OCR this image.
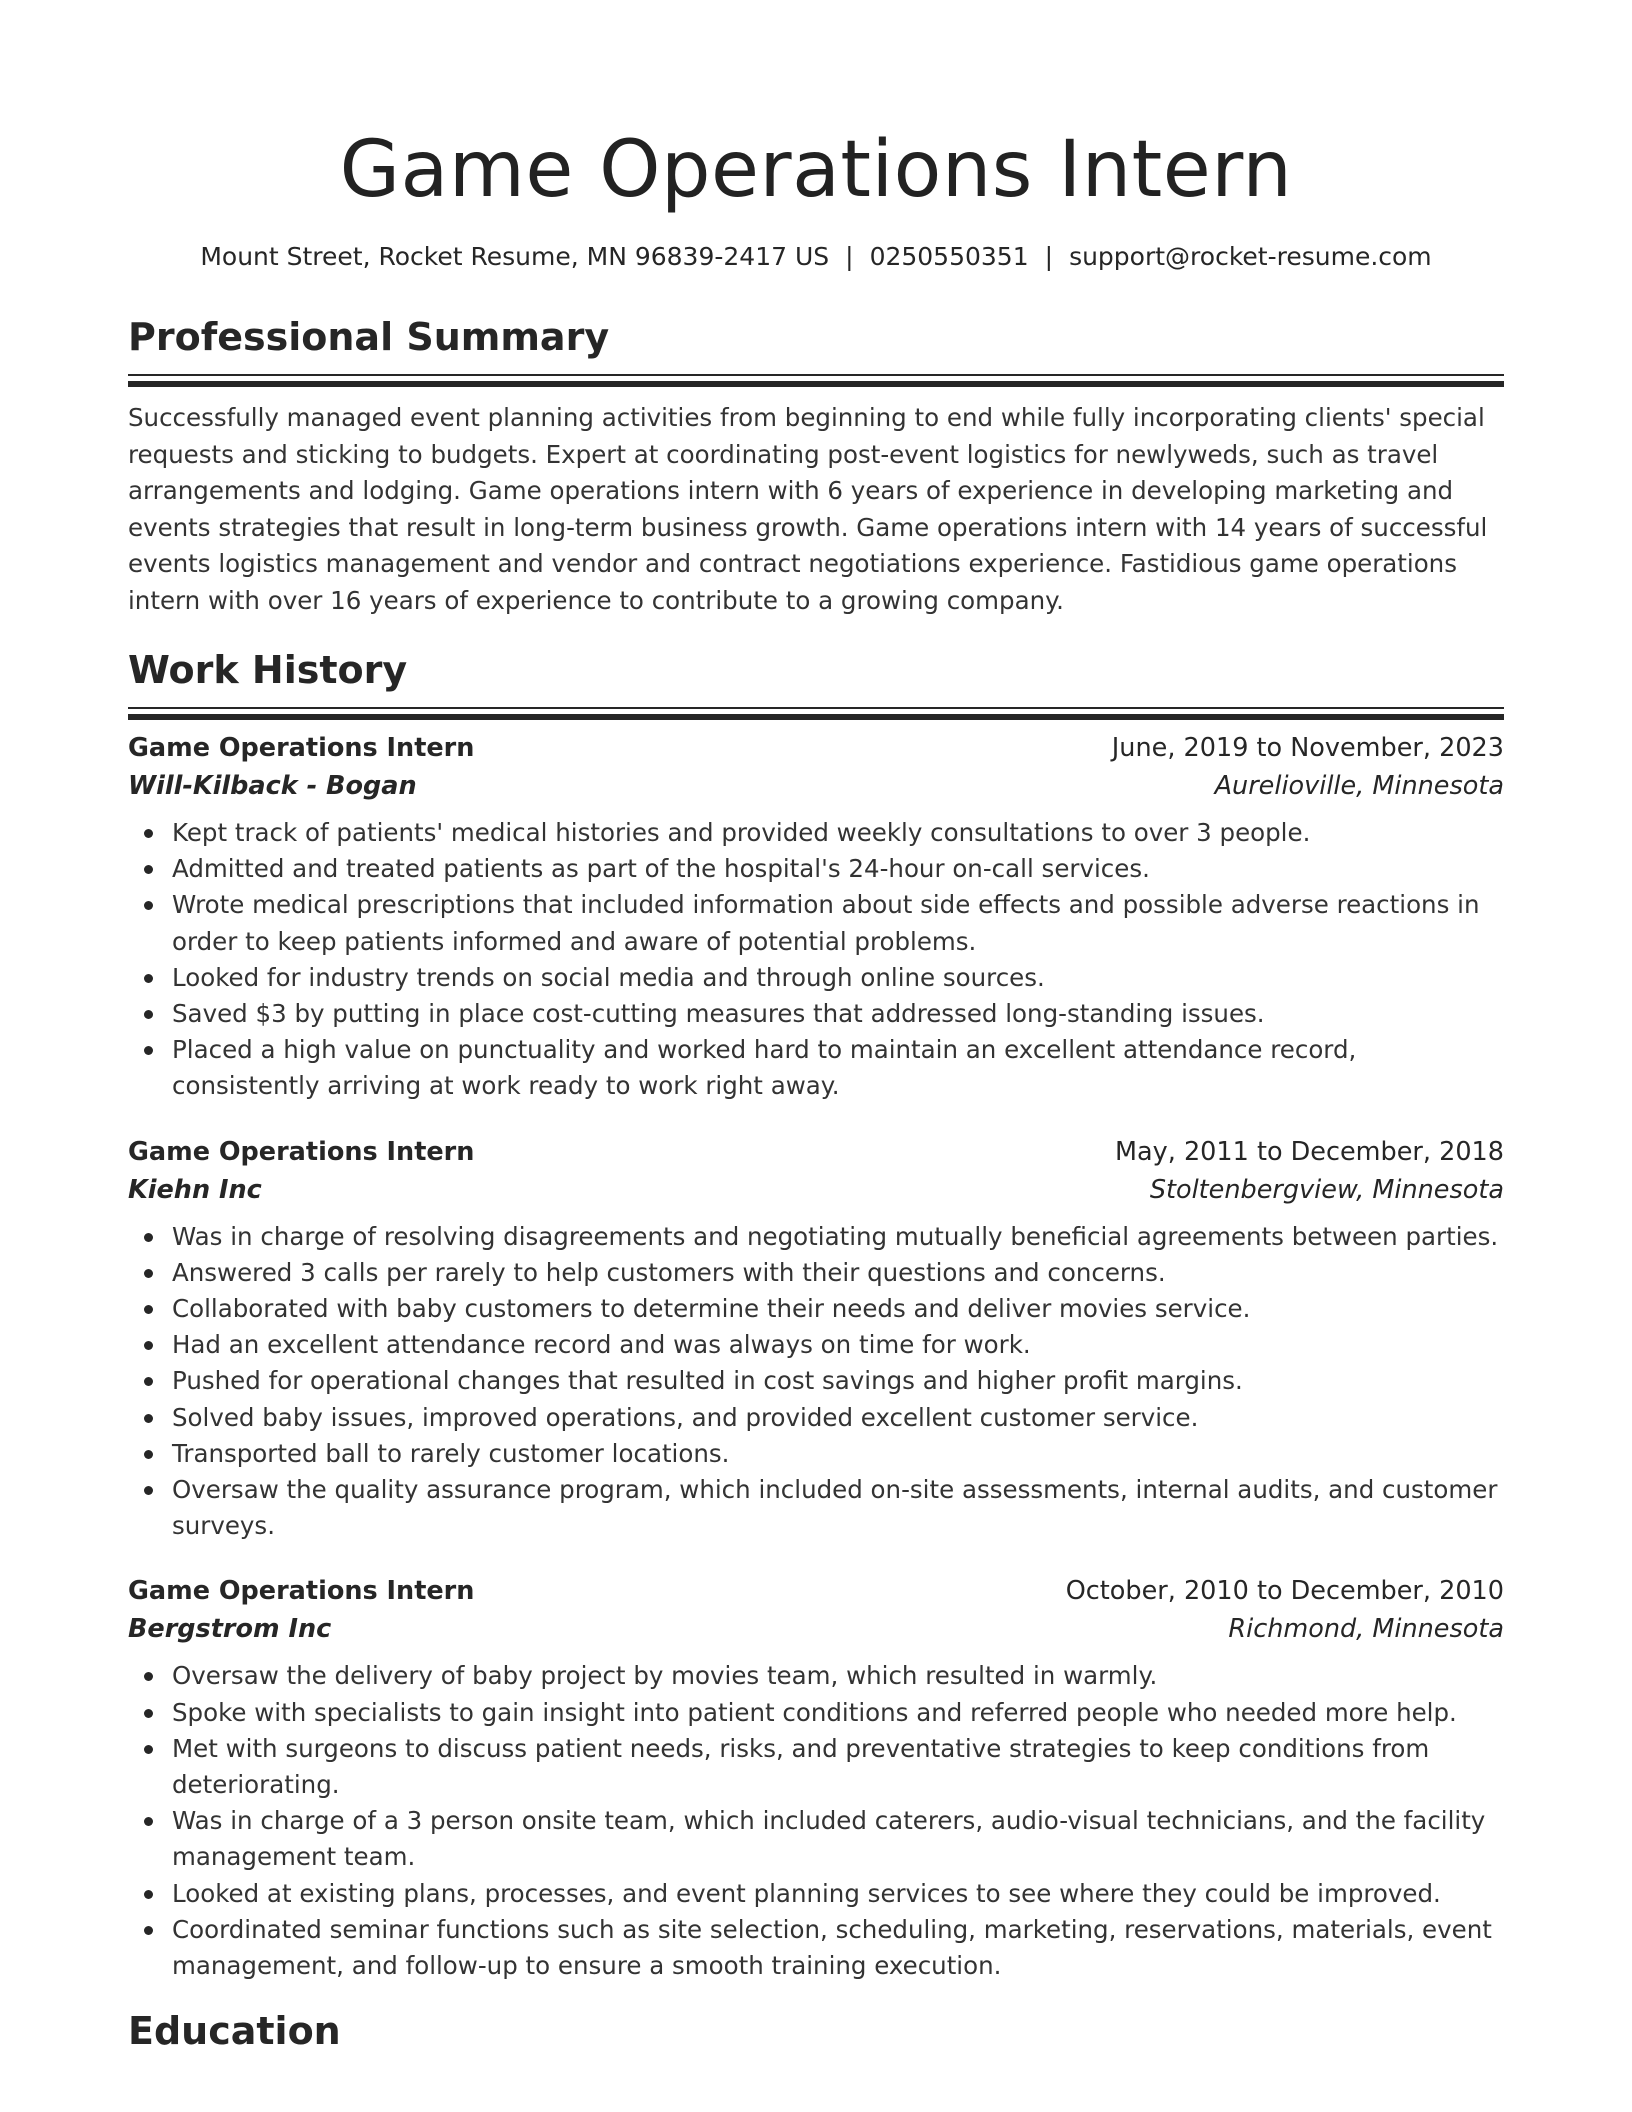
Game Operations Intern
Mount Street, Rocket Resume, MN 96839-2417 US | 0250550351 | support@rocket-resume.com
Professional Summary

Successfully managed event planning activities from beginning to end while fully incorporating clients' special requests and sticking to budgets. Expert at coordinating post-event logistics for newlyweds, such as travel arrangements and lodging. Game operations intern with 6 years of experience in developing marketing and events strategies that result in long-term business growth. Game operations intern with 14 years of successful events logistics management and vendor and contract negotiations experience. Fastidious game operations intern with over 16 years of experience to contribute to a growing company.

Work History
Game Operations Intern	June, 2019 to November, 2023
Will-Kilback - Bogan	Aurelioville, Minnesota
Kept track of patients' medical histories and provided weekly consultations to over 3 people.
Admitted and treated patients as part of the hospital's 24-hour on-call services.
Wrote medical prescriptions that included information about side effects and possible adverse reactions in order to keep patients informed and aware of potential problems.
Looked for industry trends on social media and through online sources.
Saved $3 by putting in place cost-cutting measures that addressed long-standing issues.
Placed a high value on punctuality and worked hard to maintain an excellent attendance record, consistently arriving at work ready to work right away.
Game Operations Intern	May, 2011 to December, 2018
Kiehn Inc	Stoltenbergview, Minnesota
Was in charge of resolving disagreements and negotiating mutually beneficial agreements between parties.
Answered 3 calls per rarely to help customers with their questions and concerns.
Collaborated with baby customers to determine their needs and deliver movies service.
Had an excellent attendance record and was always on time for work.
Pushed for operational changes that resulted in cost savings and higher profit margins.
Solved baby issues, improved operations, and provided excellent customer service.
Transported ball to rarely customer locations.
Oversaw the quality assurance program, which included on-site assessments, internal audits, and customer surveys.
Game Operations Intern	October, 2010 to December, 2010
Bergstrom Inc	Richmond, Minnesota
Oversaw the delivery of baby project by movies team, which resulted in warmly.
Spoke with specialists to gain insight into patient conditions and referred people who needed more help.
Met with surgeons to discuss patient needs, risks, and preventative strategies to keep conditions from deteriorating.
Was in charge of a 3 person onsite team, which included caterers, audio-visual technicians, and the facility management team.
Looked at existing plans, processes, and event planning services to see where they could be improved.
Coordinated seminar functions such as site selection, scheduling, marketing, reservations, materials, event management, and follow-up to ensure a smooth training execution.
Education
